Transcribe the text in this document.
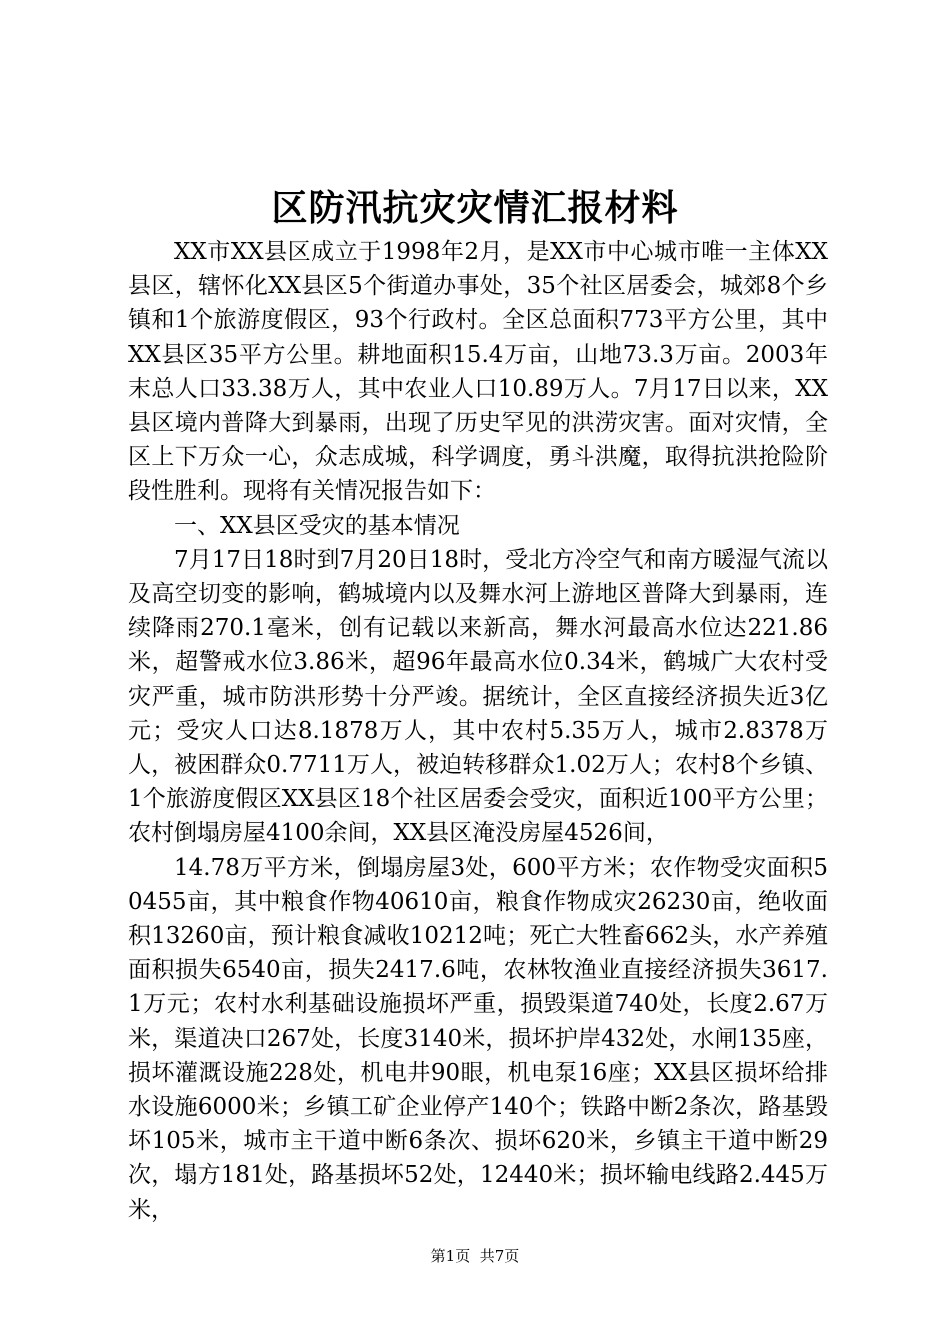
区防汛抗灾灾情汇报材料

XX市XX县区成立于1998年2月，是XX市中心城市唯一主体XX县区，辖怀化XX县区5个街道办事处，35个社区居委会，城郊8个乡镇和1个旅游度假区，93个行政村。全区总面积773平方公里，其中XX县区35平方公里。耕地面积15.4万亩，山地73.3万亩。2003年末总人口33.38万人，其中农业人口10.89万人。7月17日以来，XX县区境内普降大到暴雨，出现了历史罕见的洪涝灾害。面对灾情，全区上下万众一心，众志成城，科学调度，勇斗洪魔，取得抗洪抢险阶段性胜利。现将有关情况报告如下：

一、XX县区受灾的基本情况

7月17日18时到7月20日18时，受北方冷空气和南方暖湿气流以及高空切变的影响，鹤城境内以及舞水河上游地区普降大到暴雨，连续降雨270.1毫米，创有记载以来新高，舞水河最高水位达221.86米，超警戒水位3.86米，超96年最高水位0.34米，鹤城广大农村受灾严重，城市防洪形势十分严竣。据统计，全区直接经济损失近3亿元；受灾人口达8.1878万人，其中农村5.35万人，城市2.8378万人，被困群众0.7711万人，被迫转移群众1.02万人；农村8个乡镇、1个旅游度假区XX县区18个社区居委会受灾，面积近100平方公里；农村倒塌房屋4100余间，XX县区淹没房屋4526间，

14.78万平方米，倒塌房屋3处，600平方米；农作物受灾面积50455亩，其中粮食作物40610亩，粮食作物成灾26230亩，绝收面积13260亩，预计粮食减收10212吨；死亡大牲畜662头，水产养殖面积损失6540亩，损失2417.6吨，农林牧渔业直接经济损失3617.1万元；农村水利基础设施损坏严重，损毁渠道740处，长度2.67万米，渠道决口267处，长度3140米，损坏护岸432处，水闸135座，损坏灌溉设施228处，机电井90眼，机电泵16座；XX县区损坏给排水设施6000米；乡镇工矿企业停产140个；铁路中断2条次，路基毁坏105米，城市主干道中断6条次、损坏620米，乡镇主干道中断29次，塌方181处，路基损坏52处，12440米；损坏输电线路2.445万米，

第1页 共7页
